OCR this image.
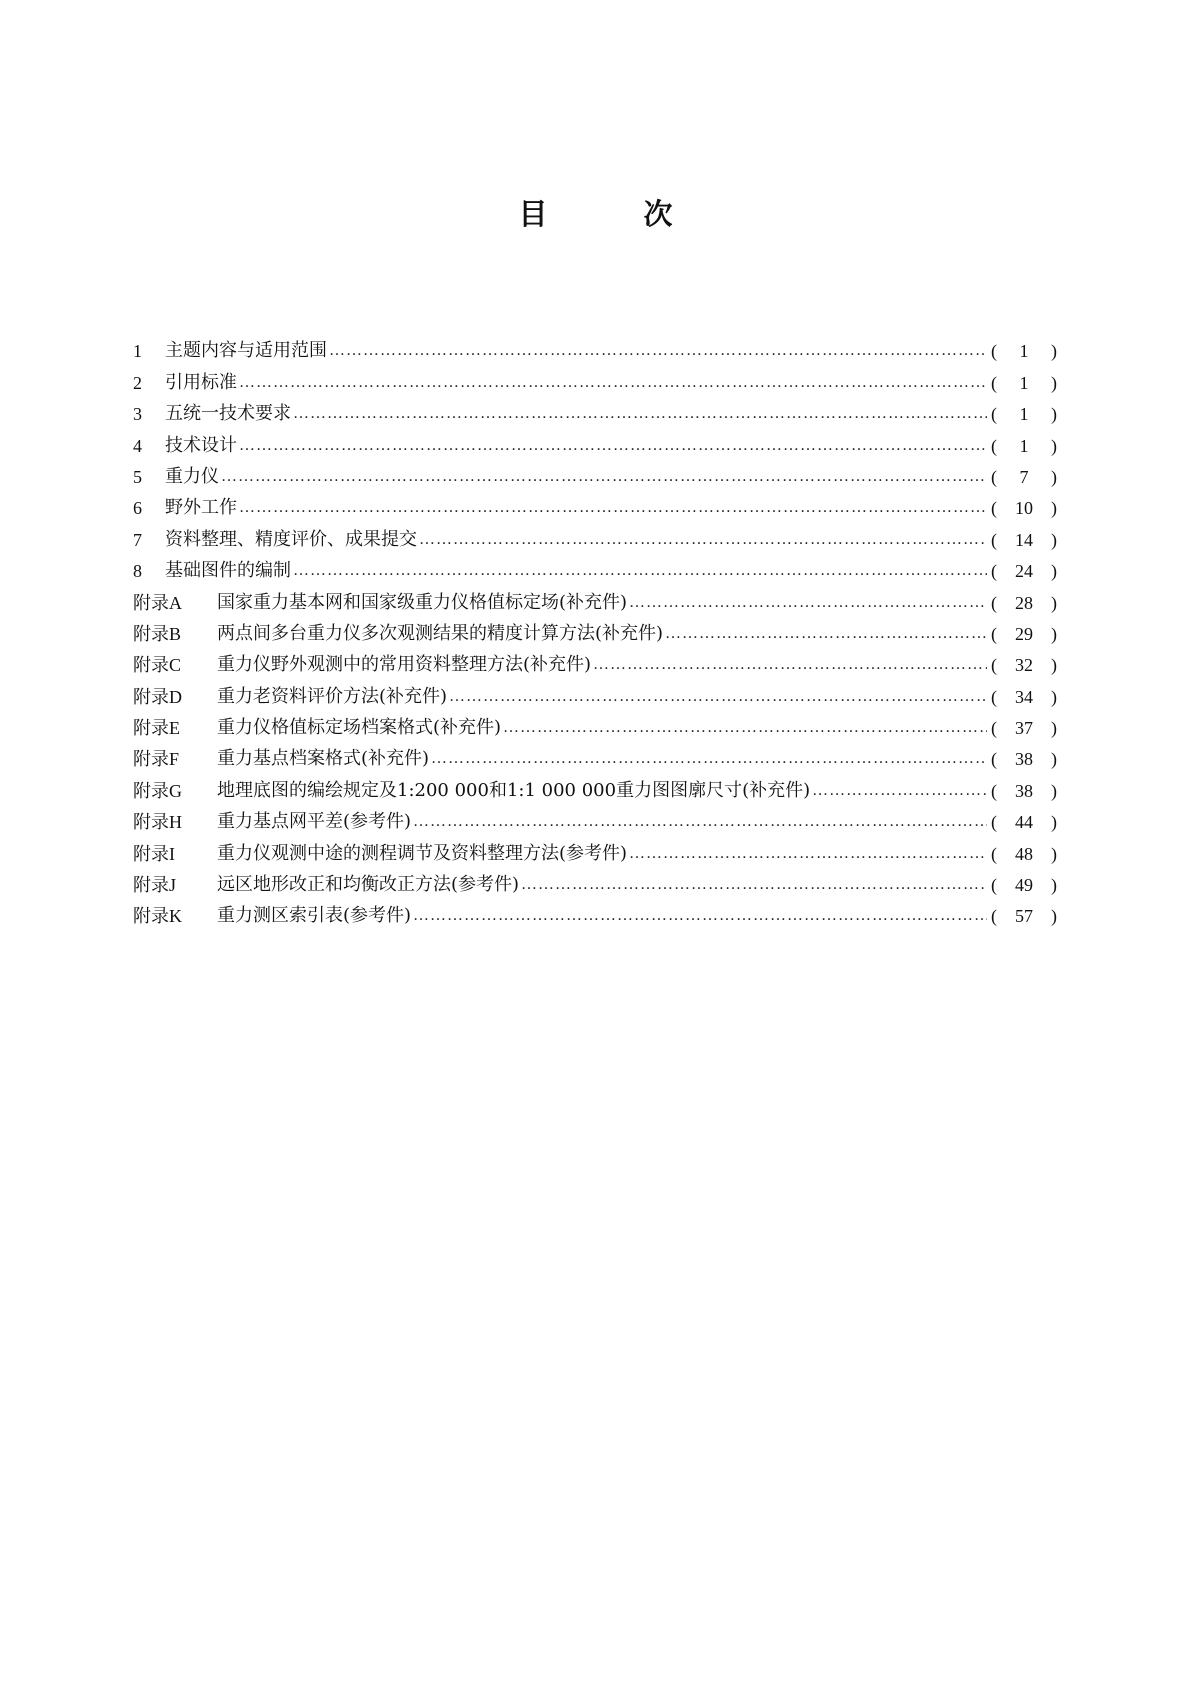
目	次
1	主题内容与适用范围 ………………………………………………………………………………………………………………………………………………………………………………………………………………………………………………………………………………	( 1 )
2	引用标准 ………………………………………………………………………………………………………………………………………………………………………………………………………………………………………………………………………………	( 1 )
3	五统一技术要求 ………………………………………………………………………………………………………………………………………………………………………………………………………………………………………………………………………………	( 1 )
4	技术设计 ………………………………………………………………………………………………………………………………………………………………………………………………………………………………………………………………………………	( 1 )
5	重力仪 ………………………………………………………………………………………………………………………………………………………………………………………………………………………………………………………………………………	( 7 )
6	野外工作 ………………………………………………………………………………………………………………………………………………………………………………………………………………………………………………………………………………	( 10 )
7	资料整理、精度评价、成果提交 ………………………………………………………………………………………………………………………………………………………………………………………………………………………………………………………………………………	( 14 )
8	基础图件的编制 ………………………………………………………………………………………………………………………………………………………………………………………………………………………………………………………………………………	( 24 )
附录A	国家重力基本网和国家级重力仪格值标定场(补充件) ………………………………………………………………………………………………………………………………………………………………………………………………………………………………………………………………………………	( 28 )
附录B	两点间多台重力仪多次观测结果的精度计算方法(补充件) ………………………………………………………………………………………………………………………………………………………………………………………………………………………………………………………………………………	( 29 )
附录C	重力仪野外观测中的常用资料整理方法(补充件) ………………………………………………………………………………………………………………………………………………………………………………………………………………………………………………………………………………	( 32 )
附录D	重力老资料评价方法(补充件) ………………………………………………………………………………………………………………………………………………………………………………………………………………………………………………………………………………	( 34 )
附录E	重力仪格值标定场档案格式(补充件) ………………………………………………………………………………………………………………………………………………………………………………………………………………………………………………………………………………	( 37 )
附录F	重力基点档案格式(补充件) ………………………………………………………………………………………………………………………………………………………………………………………………………………………………………………………………………………	( 38 )
附录G	地理底图的编绘规定及1:200 000和1:1 000 000重力图图廓尺寸(补充件) ………………………………………………………………………………………………………………………………………………………………………………………………………………………………………………………………………………	( 38 )
附录H	重力基点网平差(参考件) ………………………………………………………………………………………………………………………………………………………………………………………………………………………………………………………………………………	( 44 )
附录I	重力仪观测中途的测程调节及资料整理方法(参考件) ………………………………………………………………………………………………………………………………………………………………………………………………………………………………………………………………………………	( 48 )
附录J	远区地形改正和均衡改正方法(参考件) ………………………………………………………………………………………………………………………………………………………………………………………………………………………………………………………………………………	( 49 )
附录K	重力测区索引表(参考件) ………………………………………………………………………………………………………………………………………………………………………………………………………………………………………………………………………………	( 57 )
